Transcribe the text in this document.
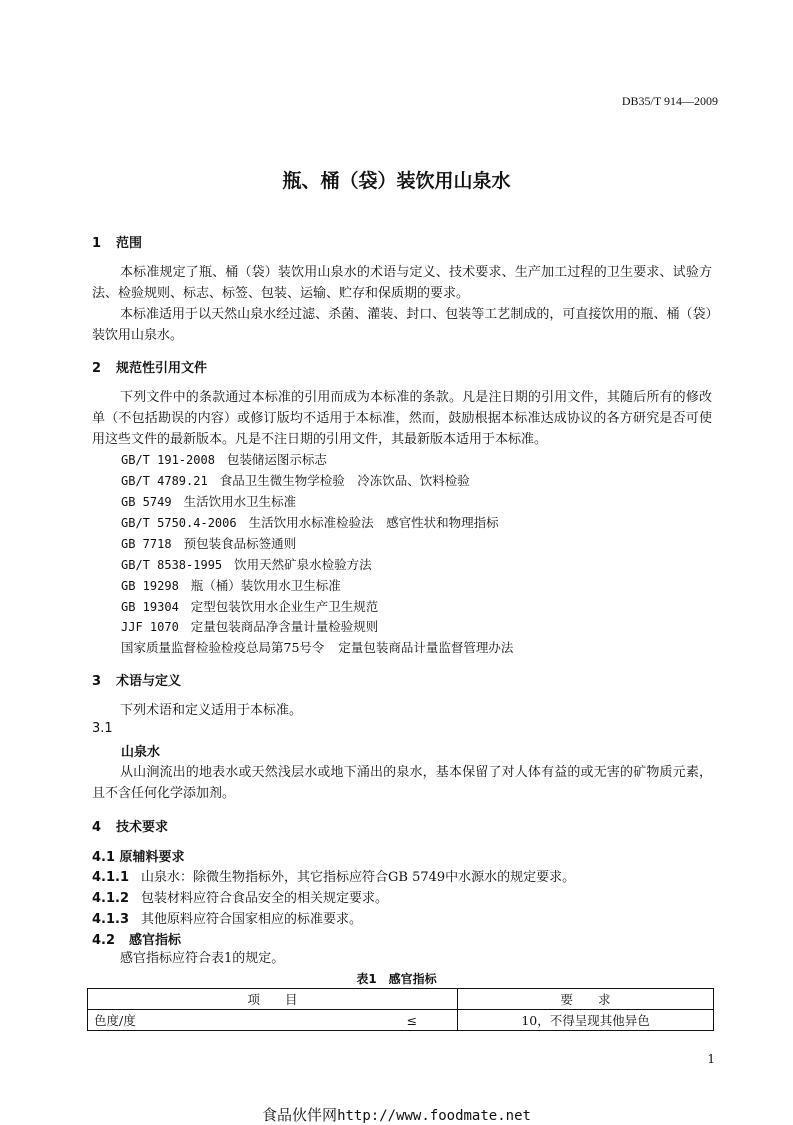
DB35/T 914—2009
瓶、桶（袋）装饮用山泉水
1 范围
本标准规定了瓶、桶（袋）装饮用山泉水的术语与定义、技术要求、生产加工过程的卫生要求、试验方法、检验规则、标志、标签、包装、运输、贮存和保质期的要求。
本标准适用于以天然山泉水经过滤、杀菌、灌装、封口、包装等工艺制成的，可直接饮用的瓶、桶（袋）装饮用山泉水。
2 规范性引用文件
下列文件中的条款通过本标准的引用而成为本标准的条款。凡是注日期的引用文件，其随后所有的修改单（不包括勘误的内容）或修订版均不适用于本标准，然而，鼓励根据本标准达成协议的各方研究是否可使用这些文件的最新版本。凡是不注日期的引用文件，其最新版本适用于本标准。
GB/T 191-2008 包装储运图示标志
GB/T 4789.21 食品卫生微生物学检验　冷冻饮品、饮料检验
GB 5749 生活饮用水卫生标准
GB/T 5750.4-2006 生活饮用水标准检验法　感官性状和物理指标
GB 7718 预包装食品标签通则
GB/T 8538-1995 饮用天然矿泉水检验方法
GB 19298 瓶（桶）装饮用水卫生标准
GB 19304 定型包装饮用水企业生产卫生规范
JJF 1070 定量包装商品净含量计量检验规则
国家质量监督检验检疫总局第75号令 定量包装商品计量监督管理办法
3 术语与定义
下列术语和定义适用于本标准。
3.1
山泉水
从山涧流出的地表水或天然浅层水或地下涌出的泉水，基本保留了对人体有益的或无害的矿物质元素，且不含任何化学添加剂。
4 技术要求
4.1 原辅料要求
4.1.1 山泉水：除微生物指标外，其它指标应符合GB 5749中水源水的规定要求。
4.1.2 包装材料应符合食品安全的相关规定要求。
4.1.3 其他原料应符合国家相应的标准要求。
4.2 感官指标
感官指标应符合表1的规定。
表1　感官指标
项　　目		要　　求
色度/度	≤	10，不得呈现其他异色
1
食品伙伴网http://www.foodmate.net
